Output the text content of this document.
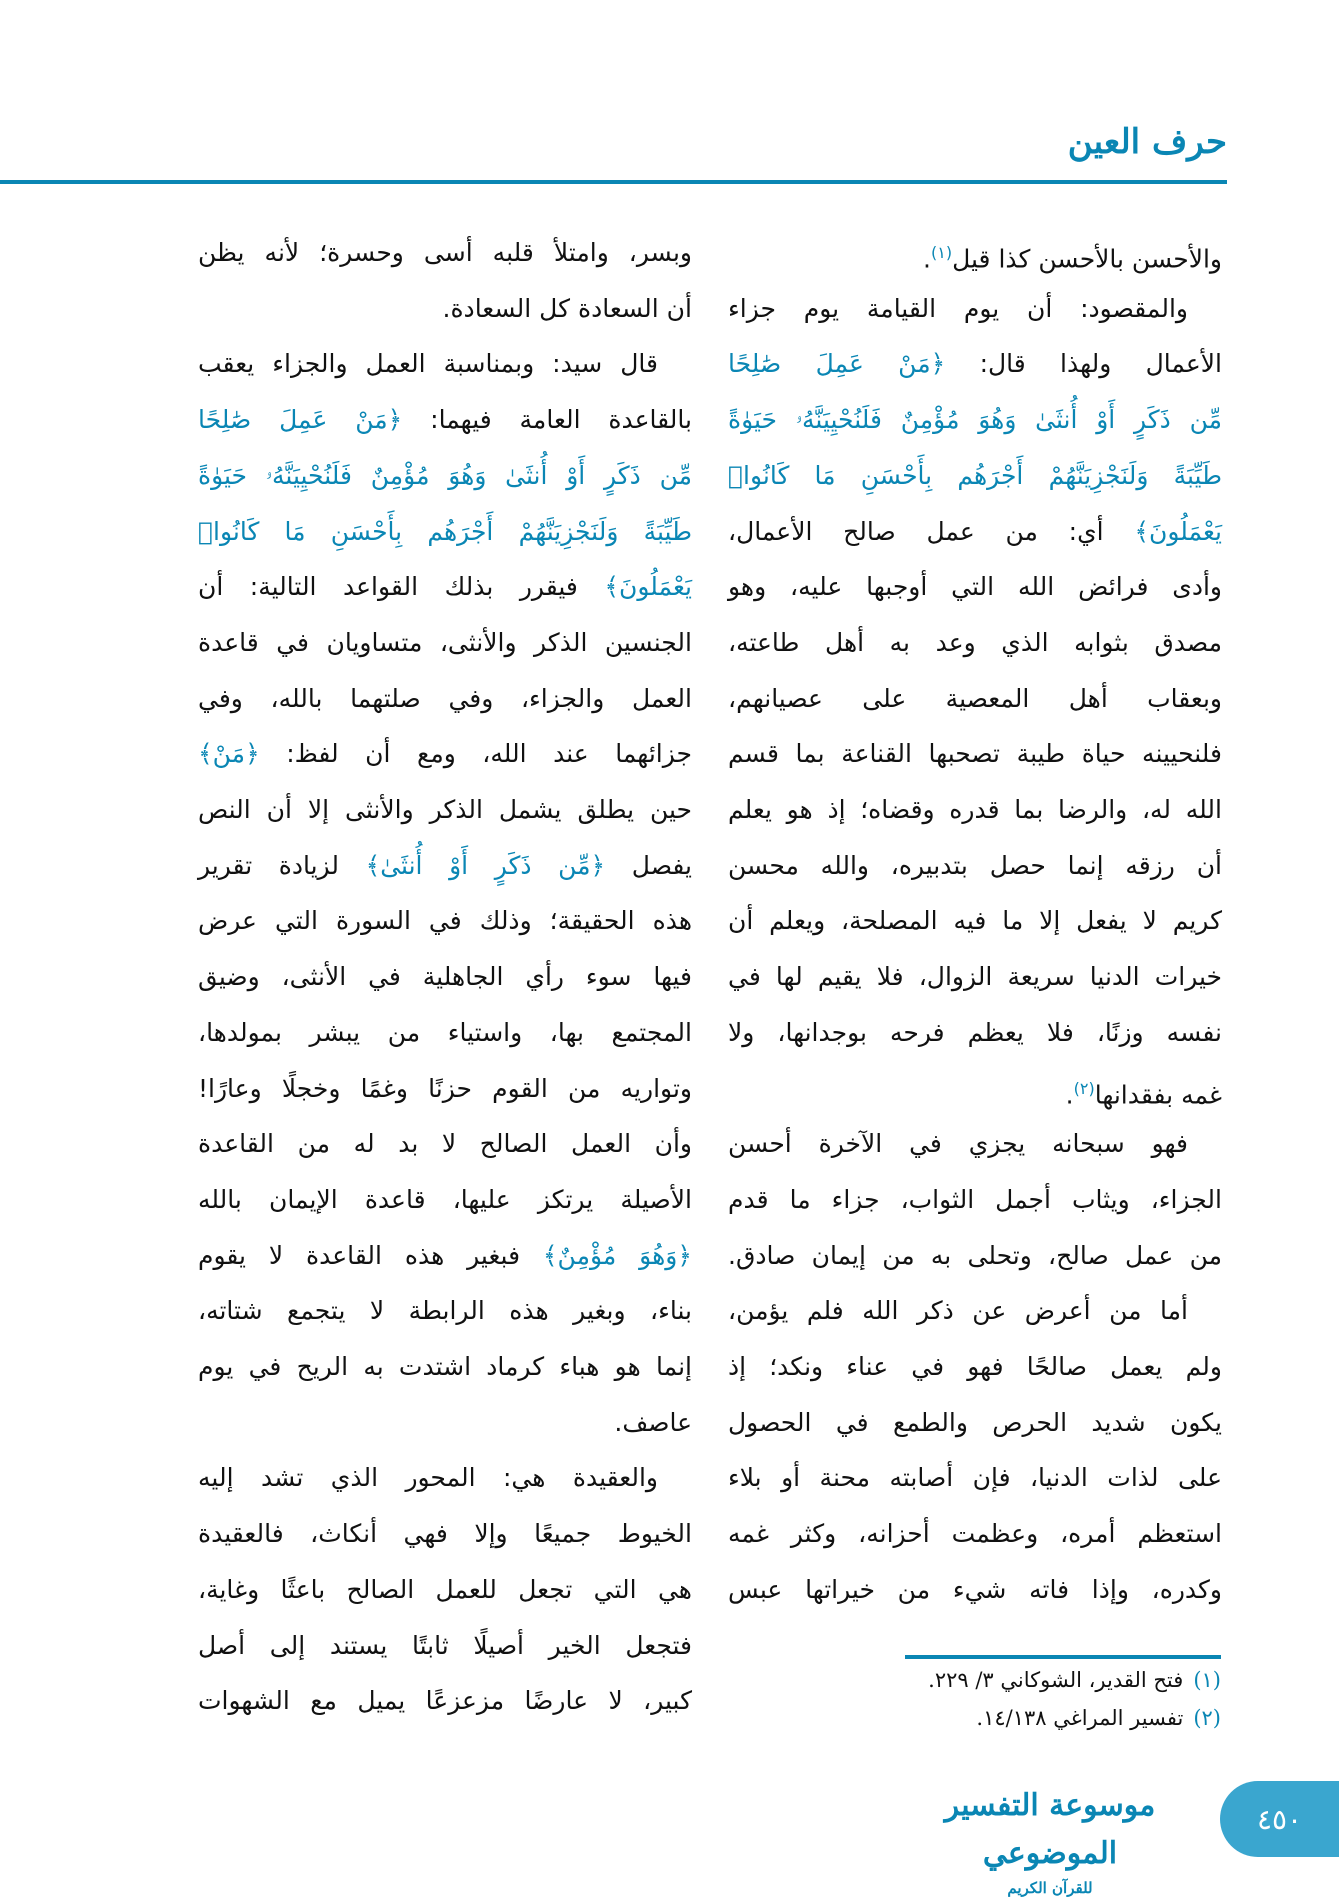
حرف العين
والأحسن بالأحسن كذا قيل$^{(١)}$.
والمقصود: أن يوم القيامة يوم جزاء
الأعمال ولهذا قال: ﴿مَنْ عَمِلَ صَٰلِحًا
مِّن ذَكَرٍ أَوْ أُنثَىٰ وَهُوَ مُؤْمِنٌ فَلَنُحْيِيَنَّهُۥ حَيَوٰةً
طَيِّبَةً وَلَنَجْزِيَنَّهُمْ أَجْرَهُم بِأَحْسَنِ مَا كَانُوا۟
يَعْمَلُونَ﴾ أي: من عمل صالح الأعمال،
وأدى فرائض الله التي أوجبها عليه، وهو
مصدق بثوابه الذي وعد به أهل طاعته،
وبعقاب أهل المعصية على عصيانهم،
فلنحيينه حياة طيبة تصحبها القناعة بما قسم
الله له، والرضا بما قدره وقضاه؛ إذ هو يعلم
أن رزقه إنما حصل بتدبيره، والله محسن
كريم لا يفعل إلا ما فيه المصلحة، ويعلم أن
خيرات الدنيا سريعة الزوال، فلا يقيم لها في
نفسه وزنًا، فلا يعظم فرحه بوجدانها، ولا
غمه بفقدانها$^{(٢)}$.
فهو سبحانه يجزي في الآخرة أحسن
الجزاء، ويثاب أجمل الثواب، جزاء ما قدم
من عمل صالح، وتحلى به من إيمان صادق.
أما من أعرض عن ذكر الله فلم يؤمن،
ولم يعمل صالحًا فهو في عناء ونكد؛ إذ
يكون شديد الحرص والطمع في الحصول
على لذات الدنيا، فإن أصابته محنة أو بلاء
استعظم أمره، وعظمت أحزانه، وكثر غمه
وكدره، وإذا فاته شيء من خيراتها عبس
وبسر، وامتلأ قلبه أسى وحسرة؛ لأنه يظن
أن السعادة كل السعادة.
قال سيد: وبمناسبة العمل والجزاء يعقب
بالقاعدة العامة فيهما: ﴿مَنْ عَمِلَ صَٰلِحًا
مِّن ذَكَرٍ أَوْ أُنثَىٰ وَهُوَ مُؤْمِنٌ فَلَنُحْيِيَنَّهُۥ حَيَوٰةً
طَيِّبَةً وَلَنَجْزِيَنَّهُمْ أَجْرَهُم بِأَحْسَنِ مَا كَانُوا۟
يَعْمَلُونَ﴾ فيقرر بذلك القواعد التالية: أن
الجنسين الذكر والأنثى، متساويان في قاعدة
العمل والجزاء، وفي صلتهما بالله، وفي
جزائهما عند الله، ومع أن لفظ: ﴿مَنْ﴾
حين يطلق يشمل الذكر والأنثى إلا أن النص
يفصل ﴿مِّن ذَكَرٍ أَوْ أُنثَىٰ﴾ لزيادة تقرير
هذه الحقيقة؛ وذلك في السورة التي عرض
فيها سوء رأي الجاهلية في الأنثى، وضيق
المجتمع بها، واستياء من يبشر بمولدها،
وتواريه من القوم حزنًا وغمًا وخجلًا وعارًا!
وأن العمل الصالح لا بد له من القاعدة
الأصيلة يرتكز عليها، قاعدة الإيمان بالله
﴿وَهُوَ مُؤْمِنٌ﴾ فبغير هذه القاعدة لا يقوم
بناء، وبغير هذه الرابطة لا يتجمع شتاته،
إنما هو هباء كرماد اشتدت به الريح في يوم
عاصف.
والعقيدة هي: المحور الذي تشد إليه
الخيوط جميعًا وإلا فهي أنكاث، فالعقيدة
هي التي تجعل للعمل الصالح باعثًا وغاية،
فتجعل الخير أصيلًا ثابتًا يستند إلى أصل
كبير، لا عارضًا مزعزعًا يميل مع الشهوات
(١)فتح القدير، الشوكاني ٣/ ٢٢٩.
(٢)تفسير المراغي ١٤/١٣٨.
موسوعة التفسير الموضوعي
للقرآن الكريم
٤٥٠
